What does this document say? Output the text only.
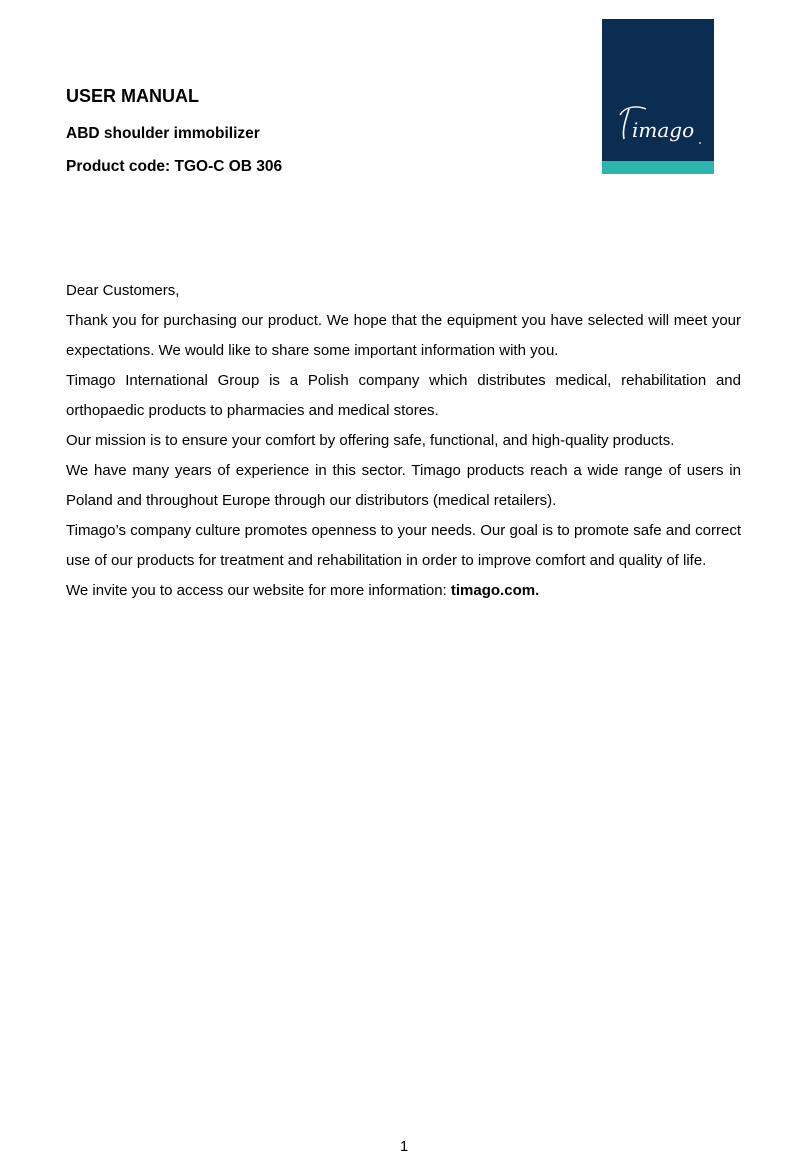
imago
USER MANUAL
ABD shoulder immobilizer
Product code: TGO-C OB 306

Dear Customers,

Thank you for purchasing our product. We hope that the equipment you have selected will meet your expectations. We would like to share some important information with you.

Timago International Group is a Polish company which distributes medical, rehabilitation and orthopaedic products to pharmacies and medical stores.

Our mission is to ensure your comfort by offering safe, functional, and high-quality products.

We have many years of experience in this sector. Timago products reach a wide range of users in Poland and throughout Europe through our distributors (medical retailers).

Timago’s company culture promotes openness to your needs. Our goal is to promote safe and correct use of our products for treatment and rehabilitation in order to improve comfort and quality of life.

We invite you to access our website for more information: timago.com.

1
